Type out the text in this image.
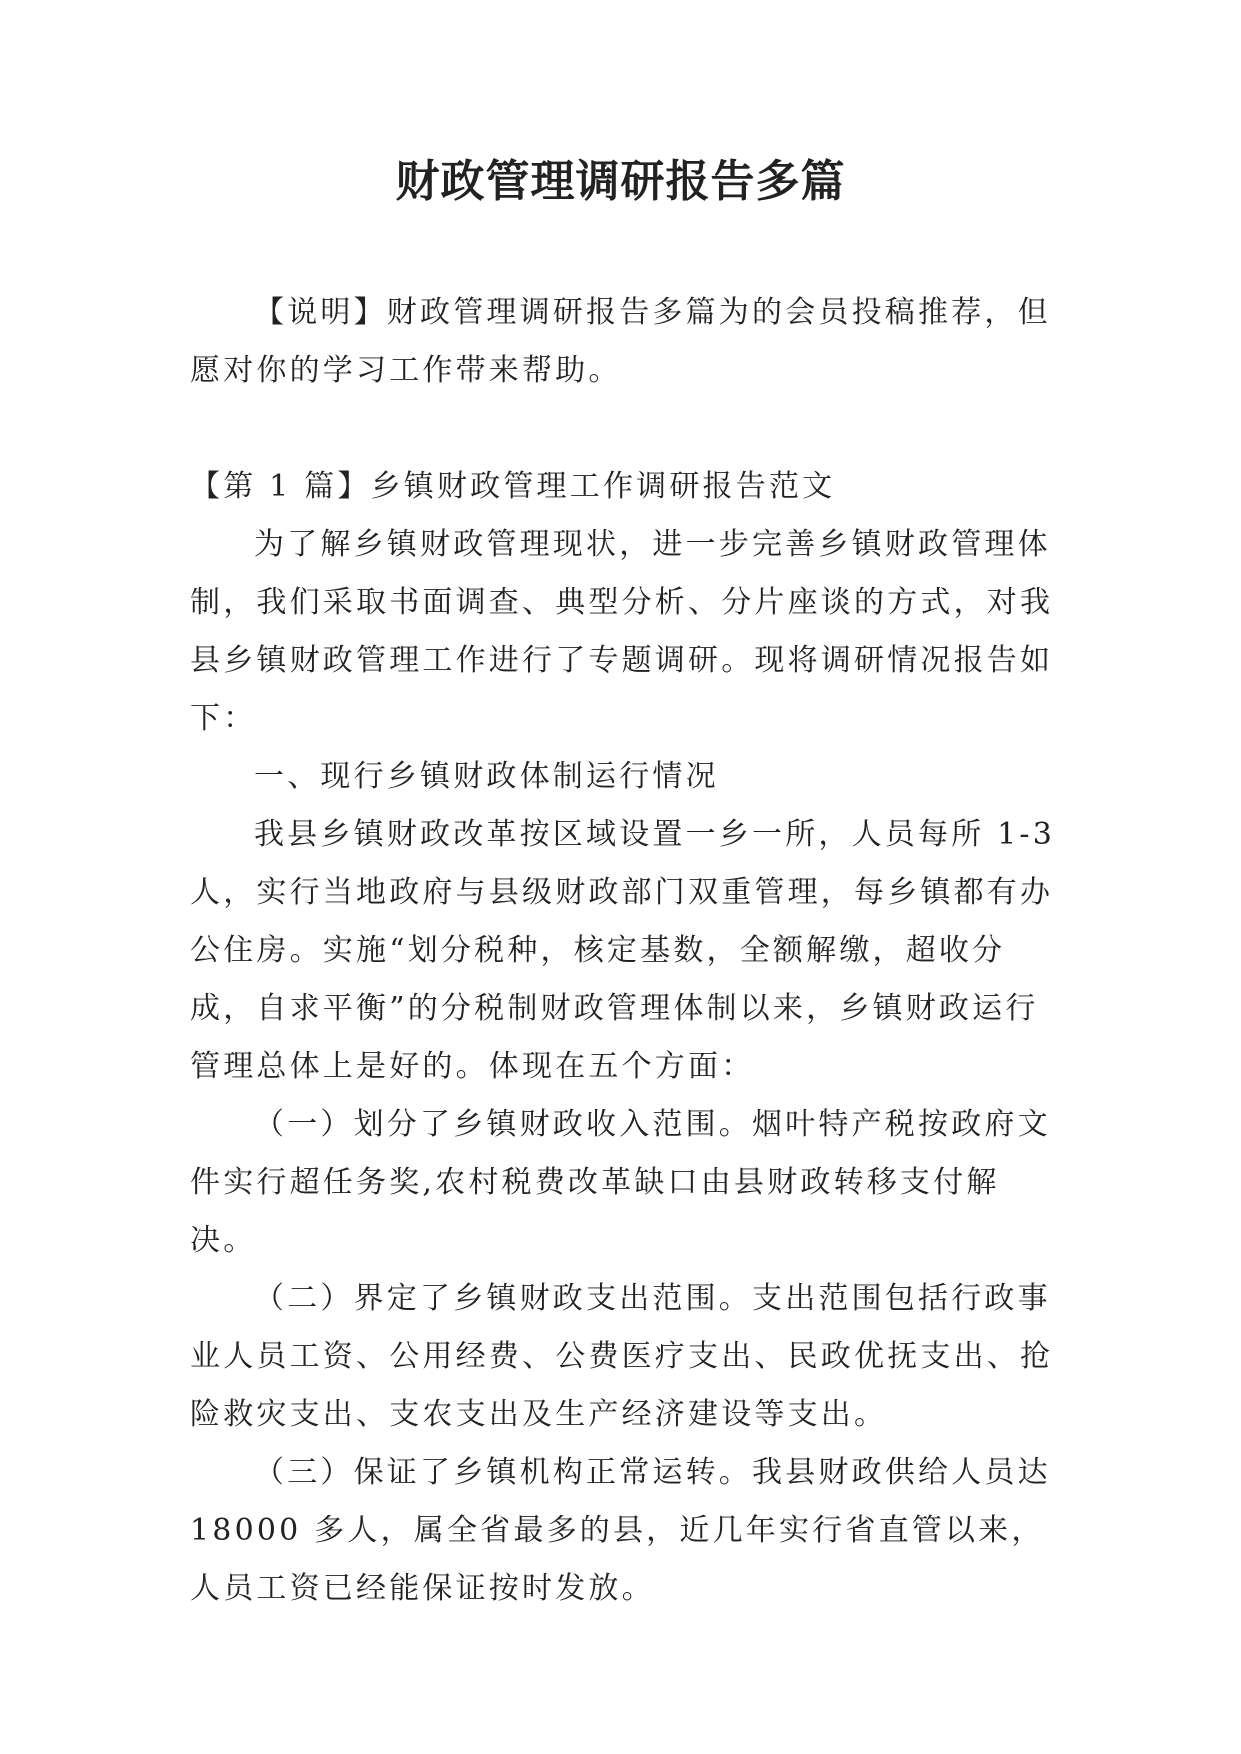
财政管理调研报告多篇

【说明】财政管理调研报告多篇为的会员投稿推荐，但愿对你的学习工作带来帮助。

【第 1 篇】乡镇财政管理工作调研报告范文

为了解乡镇财政管理现状，进一步完善乡镇财政管理体制，我们采取书面调查、典型分析、分片座谈的方式，对我县乡镇财政管理工作进行了专题调研。现将调研情况报告如下：

一、现行乡镇财政体制运行情况

我县乡镇财政改革按区域设置一乡一所，人员每所 1-3人，实行当地政府与县级财政部门双重管理，每乡镇都有办公住房。实施“划分税种，核定基数，全额解缴，超收分成，自求平衡”的分税制财政管理体制以来，乡镇财政运行管理总体上是好的。体现在五个方面：

（一）划分了乡镇财政收入范围。烟叶特产税按政府文件实行超任务奖,农村税费改革缺口由县财政转移支付解决。

（二）界定了乡镇财政支出范围。支出范围包括行政事业人员工资、公用经费、公费医疗支出、民政优抚支出、抢险救灾支出、支农支出及生产经济建设等支出。

（三）保证了乡镇机构正常运转。我县财政供给人员达18000 多人，属全省最多的县，近几年实行省直管以来，人员工资已经能保证按时发放。
